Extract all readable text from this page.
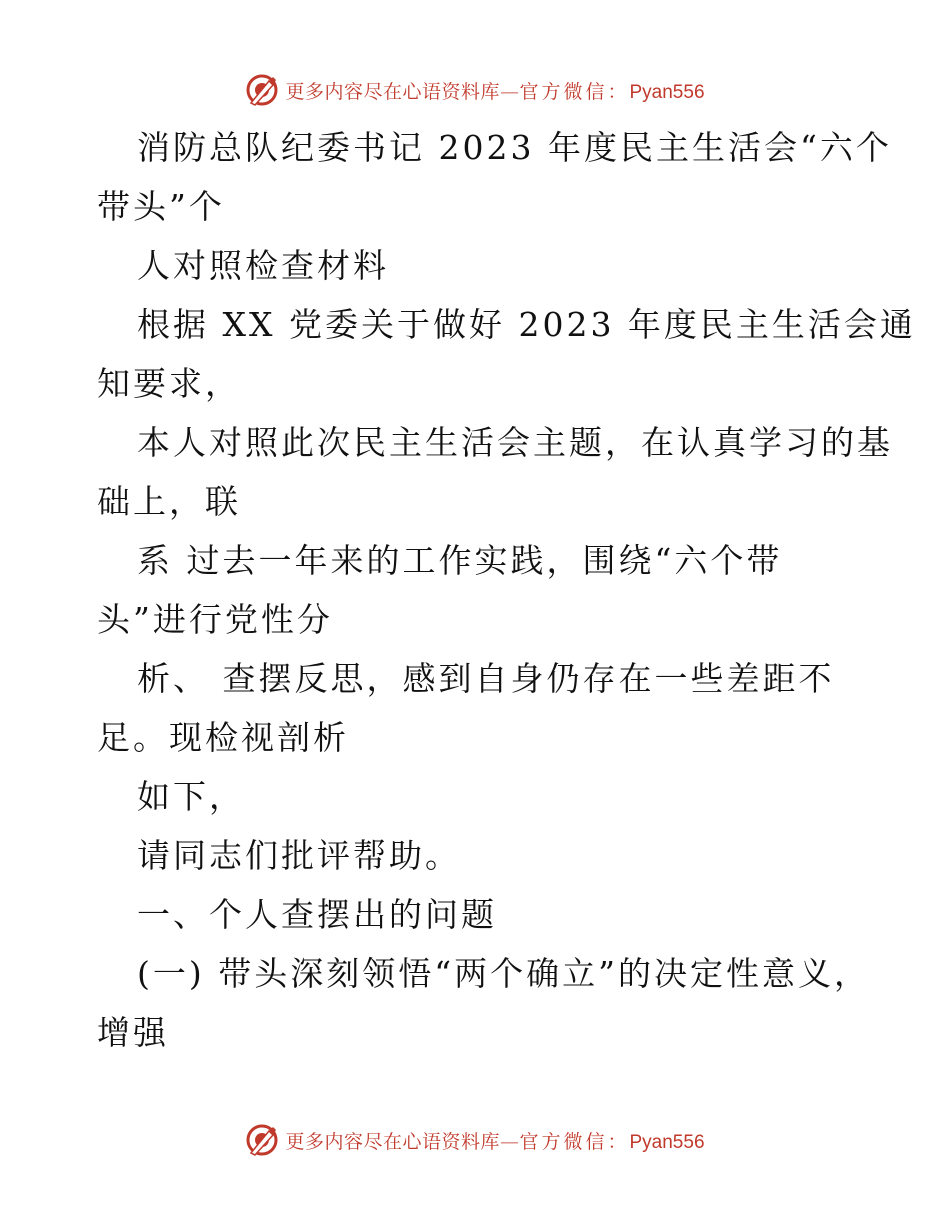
更多内容尽在心语资料库—官方微信：Pyan556
消防总队纪委书记 2023 年度民主生活会“六个
带头”个
人对照检查材料
根据 XX 党委关于做好 2023 年度民主生活会通
知要求，
本人对照此次民主生活会主题，在认真学习的基
础上，联
系 过去一年来的工作实践，围绕“六个带
头”进行党性分
析、 查摆反思，感到自身仍存在一些差距不
足。现检视剖析
如下，
请同志们批评帮助。
一、个人查摆出的问题
(一) 带头深刻领悟“两个确立”的决定性意义，
增强
更多内容尽在心语资料库—官方微信：Pyan556
